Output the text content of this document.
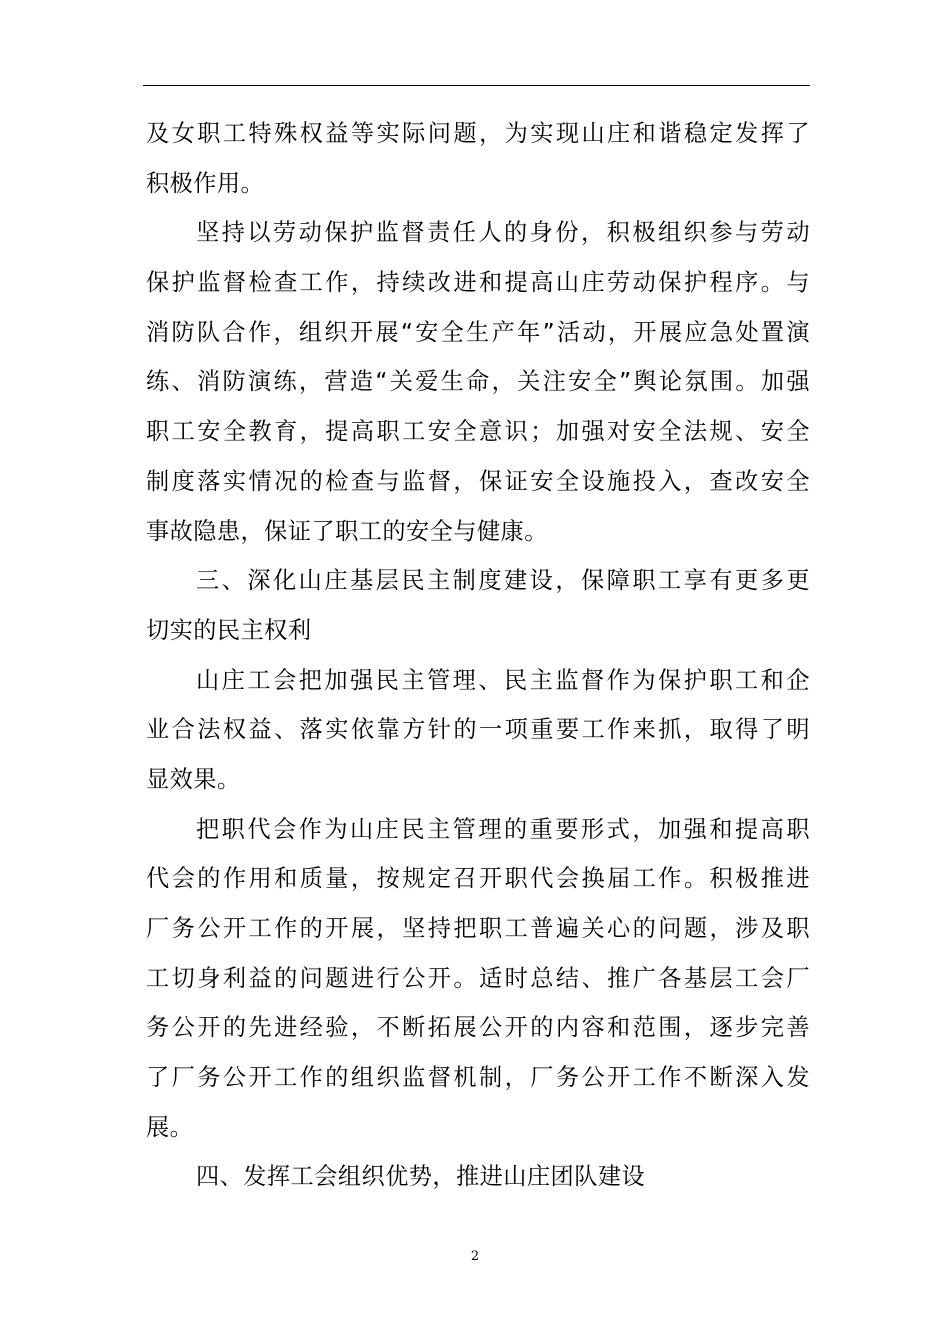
及女职工特殊权益等实际问题，为实现山庄和谐稳定发挥了
积极作用。
坚持以劳动保护监督责任人的身份，积极组织参与劳动
保护监督检查工作，持续改进和提高山庄劳动保护程序。与
消防队合作，组织开展“安全生产年”活动，开展应急处置演
练、消防演练，营造“关爱生命，关注安全”舆论氛围。加强
职工安全教育，提高职工安全意识；加强对安全法规、安全
制度落实情况的检查与监督，保证安全设施投入，查改安全
事故隐患，保证了职工的安全与健康。
三、深化山庄基层民主制度建设，保障职工享有更多更
切实的民主权利
山庄工会把加强民主管理、民主监督作为保护职工和企
业合法权益、落实依靠方针的一项重要工作来抓，取得了明
显效果。
把职代会作为山庄民主管理的重要形式，加强和提高职
代会的作用和质量，按规定召开职代会换届工作。积极推进
厂务公开工作的开展，坚持把职工普遍关心的问题，涉及职
工切身利益的问题进行公开。适时总结、推广各基层工会厂
务公开的先进经验，不断拓展公开的内容和范围，逐步完善
了厂务公开工作的组织监督机制，厂务公开工作不断深入发
展。
四、发挥工会组织优势，推进山庄团队建设
2
